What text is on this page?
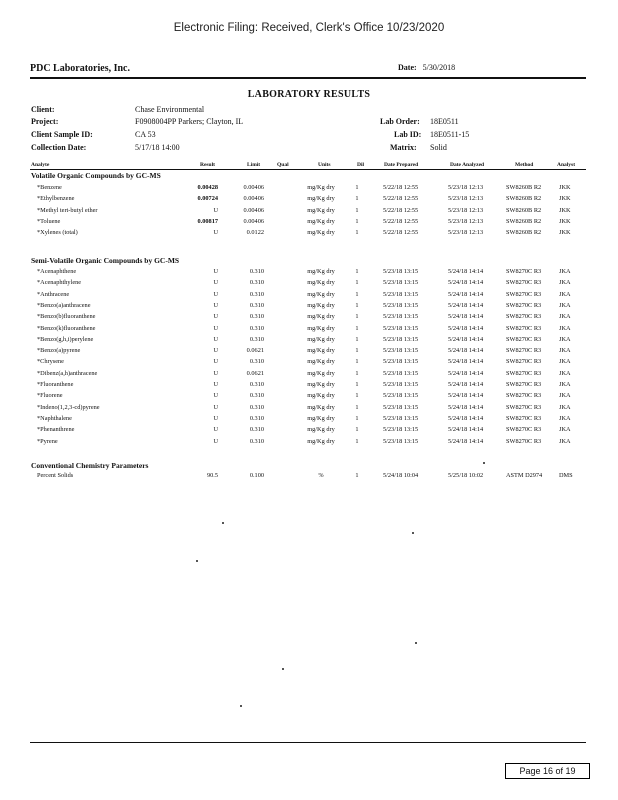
Electronic Filing: Received, Clerk's Office 10/23/2020
PDC Laboratories, Inc.	Date: 5/30/2018
LABORATORY RESULTS
Client:	Chase Environmental
Project:	F0908004PP Parkers; Clayton, IL
Client Sample ID:	CA 53
Collection Date:	5/17/18 14:00
Lab Order: 18E0511
Lab ID: 18E0511-15
Matrix: Solid
Analyte	Result	Limit	Qual	Units	Dil	Date Prepared	Date Analyzed	Method	Analyst
Volatile Organic Compounds by GC-MS
*Benzene	0.00428	0.00406	mg/Kg dry	1	5/22/18 12:55	5/23/18 12:13	SW8260B R2	JKK
*Ethylbenzene	0.00724	0.00406	mg/Kg dry	1	5/22/18 12:55	5/23/18 12:13	SW8260B R2	JKK
*Methyl tert-butyl ether	U	0.00406	mg/Kg dry	1	5/22/18 12:55	5/23/18 12:13	SW8260B R2	JKK
*Toluene	0.00817	0.00406	mg/Kg dry	1	5/22/18 12:55	5/23/18 12:13	SW8260B R2	JKK
*Xylenes (total)	U	0.0122	mg/Kg dry	1	5/22/18 12:55	5/23/18 12:13	SW8260B R2	JKK
Semi-Volatile Organic Compounds by GC-MS
*Acenaphthene	U	0.310	mg/Kg dry	1	5/23/18 13:15	5/24/18 14:14	SW8270C R3	JKA
*Acenaphthylene	U	0.310	mg/Kg dry	1	5/23/18 13:15	5/24/18 14:14	SW8270C R3	JKA
*Anthracene	U	0.310	mg/Kg dry	1	5/23/18 13:15	5/24/18 14:14	SW8270C R3	JKA
*Benzo(a)anthracene	U	0.310	mg/Kg dry	1	5/23/18 13:15	5/24/18 14:14	SW8270C R3	JKA
*Benzo(b)fluoranthene	U	0.310	mg/Kg dry	1	5/23/18 13:15	5/24/18 14:14	SW8270C R3	JKA
*Benzo(k)fluoranthene	U	0.310	mg/Kg dry	1	5/23/18 13:15	5/24/18 14:14	SW8270C R3	JKA
*Benzo(g,h,i)perylene	U	0.310	mg/Kg dry	1	5/23/18 13:15	5/24/18 14:14	SW8270C R3	JKA
*Benzo(a)pyrene	U	0.0621	mg/Kg dry	1	5/23/18 13:15	5/24/18 14:14	SW8270C R3	JKA
*Chrysene	U	0.310	mg/Kg dry	1	5/23/18 13:15	5/24/18 14:14	SW8270C R3	JKA
*Dibenz(a,h)anthracene	U	0.0621	mg/Kg dry	1	5/23/18 13:15	5/24/18 14:14	SW8270C R3	JKA
*Fluoranthene	U	0.310	mg/Kg dry	1	5/23/18 13:15	5/24/18 14:14	SW8270C R3	JKA
*Fluorene	U	0.310	mg/Kg dry	1	5/23/18 13:15	5/24/18 14:14	SW8270C R3	JKA
*Indeno(1,2,3-cd)pyrene	U	0.310	mg/Kg dry	1	5/23/18 13:15	5/24/18 14:14	SW8270C R3	JKA
*Naphthalene	U	0.310	mg/Kg dry	1	5/23/18 13:15	5/24/18 14:14	SW8270C R3	JKA
*Phenanthrene	U	0.310	mg/Kg dry	1	5/23/18 13:15	5/24/18 14:14	SW8270C R3	JKA
*Pyrene	U	0.310	mg/Kg dry	1	5/23/18 13:15	5/24/18 14:14	SW8270C R3	JKA
Conventional Chemistry Parameters
Percent Solids	90.5	0.100	%	1	5/24/18 10:04	5/25/18 10:02	ASTM D2974	DMS
Page 16 of 19
